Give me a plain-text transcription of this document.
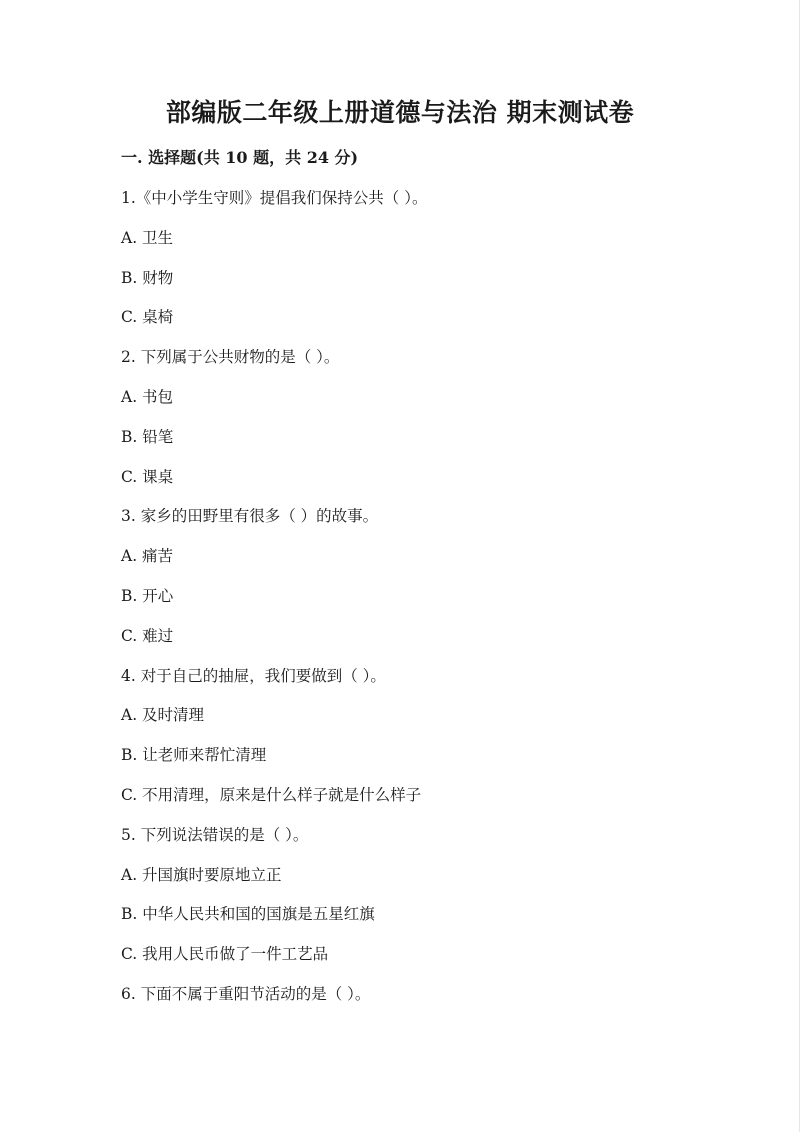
部编版二年级上册道德与法治 期末测试卷
一. 选择题(共 10 题，共 24 分)
1.《中小学生守则》提倡我们保持公共（ ）。
A. 卫生
B. 财物
C. 桌椅
2. 下列属于公共财物的是（ ）。
A. 书包
B. 铅笔
C. 课桌
3. 家乡的田野里有很多（ ）的故事。
A. 痛苦
B. 开心
C. 难过
4. 对于自己的抽屉，我们要做到（ ）。
A. 及时清理
B. 让老师来帮忙清理
C. 不用清理，原来是什么样子就是什么样子
5. 下列说法错误的是（ ）。
A. 升国旗时要原地立正
B. 中华人民共和国的国旗是五星红旗
C. 我用人民币做了一件工艺品
6. 下面不属于重阳节活动的是（ ）。
